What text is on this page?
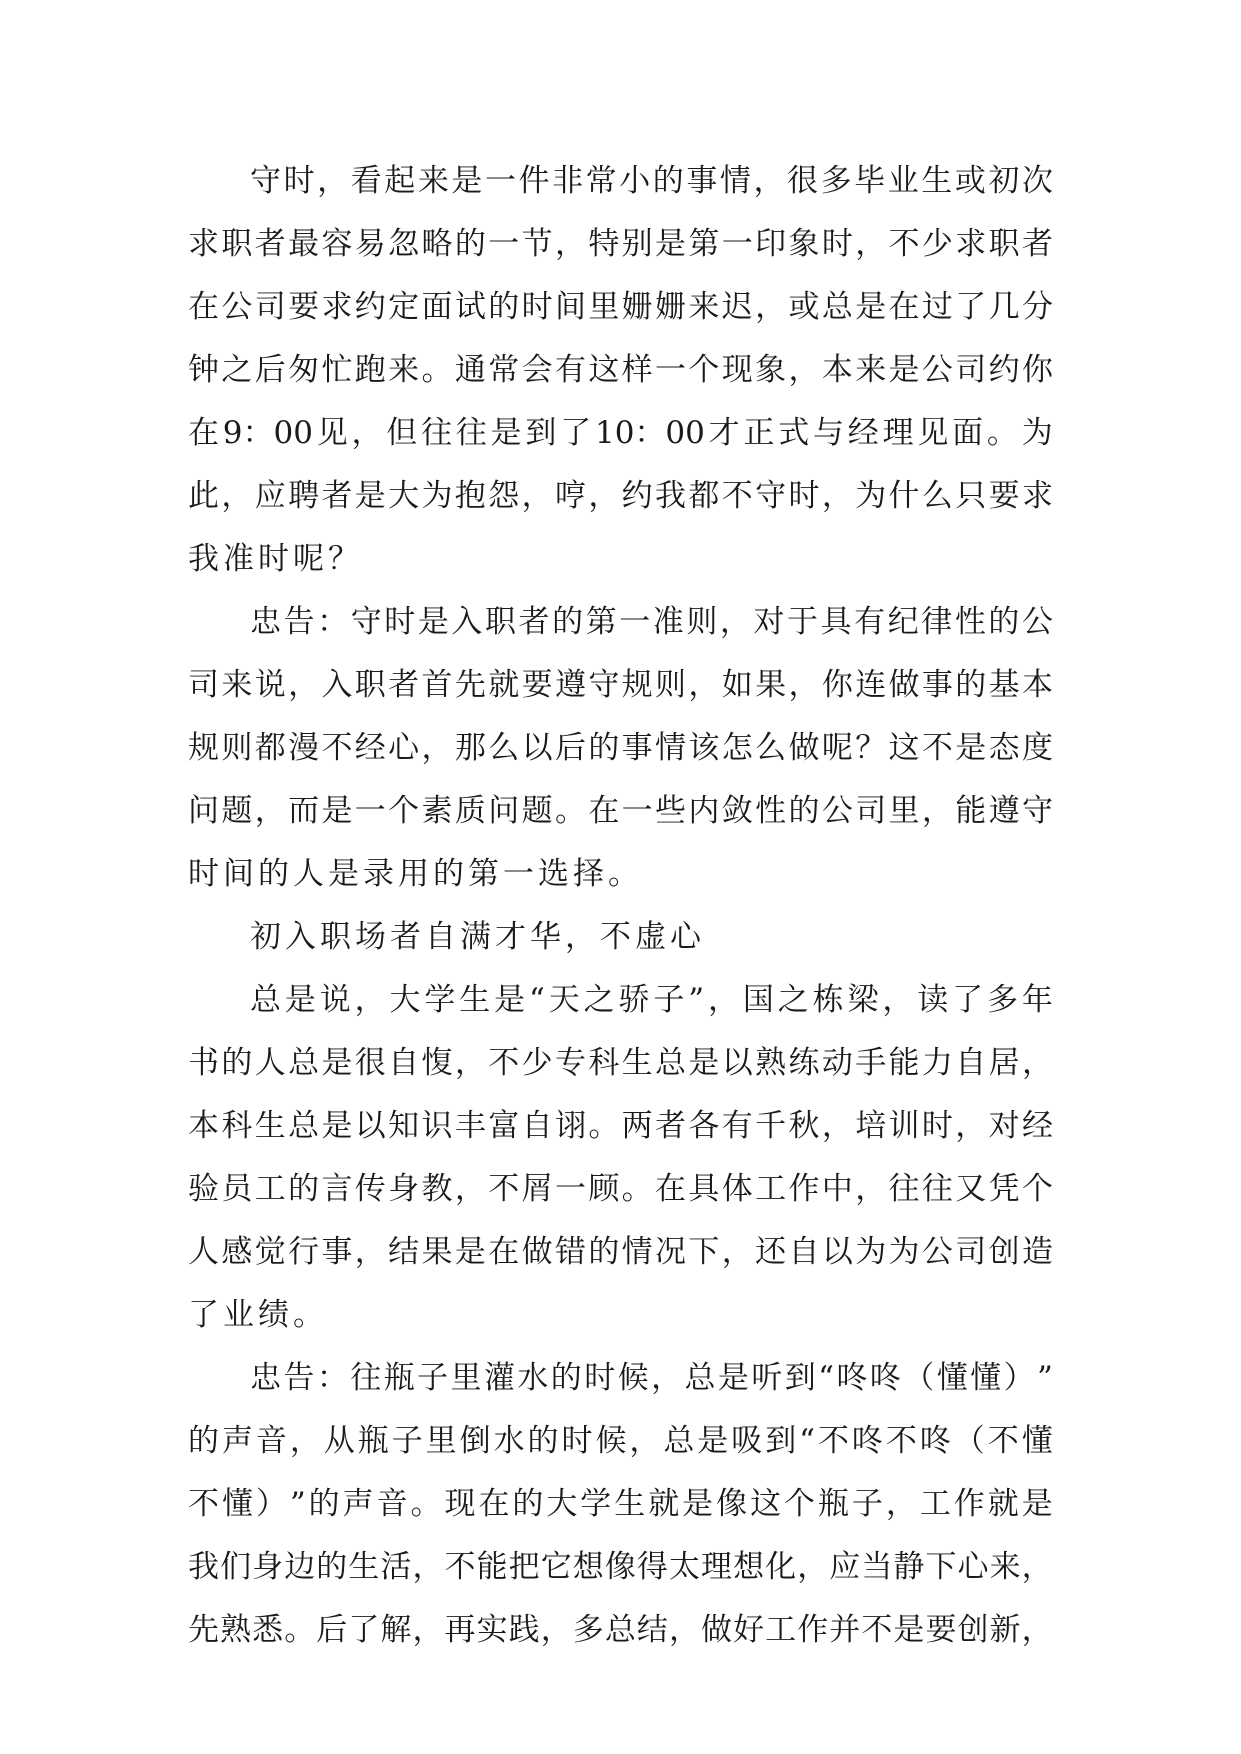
守 时 ， 看 起 来 是 一 件 非 常 小 的 事 情 ， 很 多 毕 业 生 或 初 次
求 职 者 最 容 易 忽 略 的 一 节 ， 特 别 是 第 一 印 象 时 ， 不 少 求 职 者
在 公 司 要 求 约 定 面 试 的 时 间 里 姗 姗 来 迟 ， 或 总 是 在 过 了 几 分
钟 之 后 匆 忙 跑 来 。 通 常 会 有 这 样 一 个 现 象 ， 本 来 是 公 司 约 你
在 9：00 见 ， 但 往 往 是 到 了 10：00 才 正 式 与 经 理 见 面 。 为
此 ， 应 聘 者 是 大 为 抱 怨 ， 哼 ， 约 我 都 不 守 时 ， 为 什 么 只 要 求
我准时呢？
忠 告 ： 守 时 是 入 职 者 的 第 一 准 则 ， 对 于 具 有 纪 律 性 的 公
司 来 说 ， 入 职 者 首 先 就 要 遵 守 规 则 ， 如 果 ， 你 连 做 事 的 基 本
规 则 都 漫 不 经 心 ， 那 么 以 后 的 事 情 该 怎 么 做 呢 ？ 这 不 是 态 度
问 题 ， 而 是 一 个 素 质 问 题 。 在 一 些 内 敛 性 的 公 司 里 ， 能 遵 守
时间的人是录用的第一选择。
初入职场者自满才华，不虚心
总 是 说 ， 大 学 生 是 “ 天 之 骄 子 ” ， 国 之 栋 梁 ， 读 了 多 年
书 的 人 总 是 很 自 愎 ， 不 少 专 科 生 总 是 以 熟 练 动 手 能 力 自 居 ，
本 科 生 总 是 以 知 识 丰 富 自 诩 。 两 者 各 有 千 秋 ， 培 训 时 ， 对 经
验 员 工 的 言 传 身 教 ， 不 屑 一 顾 。 在 具 体 工 作 中 ， 往 往 又 凭 个
人 感 觉 行 事 ， 结 果 是 在 做 错 的 情 况 下 ， 还 自 以 为 为 公 司 创 造
了业绩。
忠 告 ： 往 瓶 子 里 灌 水 的 时 候 ， 总 是 听 到 “ 咚 咚 （ 懂 懂 ） ”
的 声 音 ， 从 瓶 子 里 倒 水 的 时 候 ， 总 是 吸 到 “ 不 咚 不 咚 （ 不 懂
不 懂 ） ” 的 声 音 。 现 在 的 大 学 生 就 是 像 这 个 瓶 子 ， 工 作 就 是
我 们 身 边 的 生 活 ， 不 能 把 它 想 像 得 太 理 想 化 ， 应 当 静 下 心 来 ，
先 熟 悉 。 后 了 解 ， 再 实 践 ， 多 总 结 ， 做 好 工 作 并 不 是 要 创 新 ，
